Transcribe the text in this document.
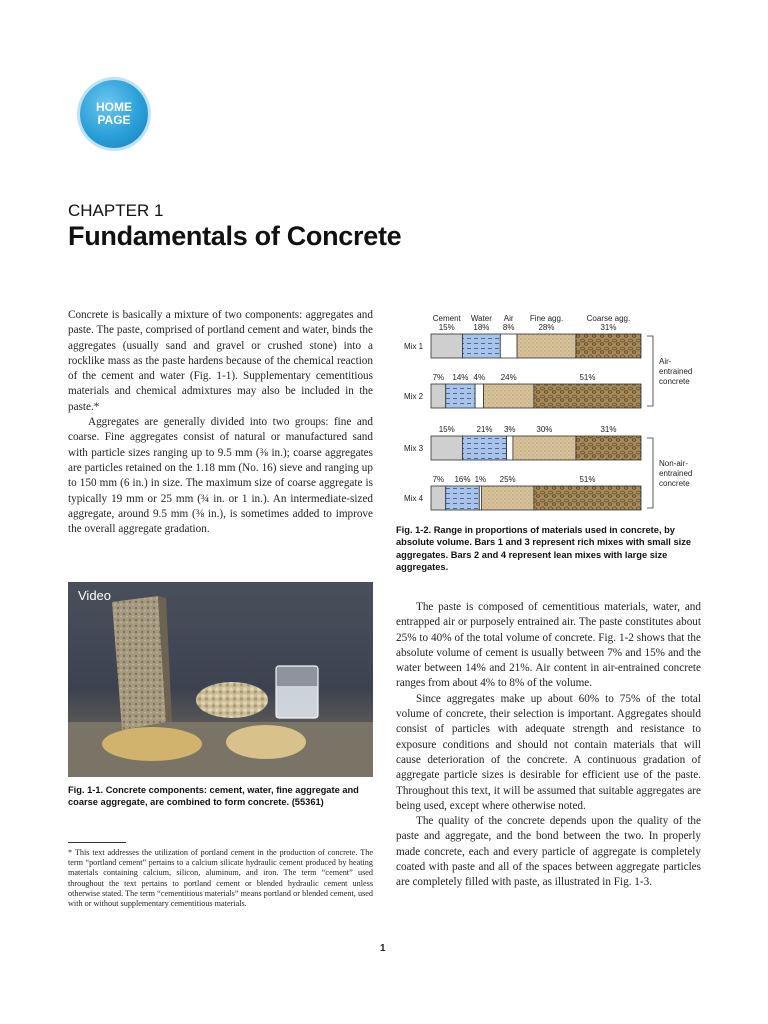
HOME
PAGE
CHAPTER 1
Fundamentals of Concrete

Concrete is basically a mixture of two components: aggregates and paste. The paste, comprised of portland cement and water, binds the aggregates (usually sand and gravel or crushed stone) into a rocklike mass as the paste hardens because of the chemical reaction of the cement and water (Fig. 1-1). Supplementary cementitious materials and chemical admixtures may also be included in the paste.*

Aggregates are generally divided into two groups: fine and coarse. Fine aggregates consist of natural or manufactured sand with particle sizes ranging up to 9.5 mm (⅜ in.); coarse aggregates are particles retained on the 1.18 mm (No. 16) sieve and ranging up to 150 mm (6 in.) in size. The maximum size of coarse aggregate is typically 19 mm or 25 mm (¾ in. or 1 in.). An intermediate-sized aggregate, around 9.5 mm (⅜ in.), is sometimes added to improve the overall aggregate gradation.

Video

Fig. 1-1. Concrete components: cement, water, fine aggregate and coarse aggregate, are combined to form concrete. (55361)

* This text addresses the utilization of portland cement in the production of concrete. The term “portland cement” pertains to a calcium silicate hydraulic cement produced by heating materials containing calcium, silicon, aluminum, and iron. The term “cement” used throughout the text pertains to portland cement or blended hydraulic cement unless otherwise stated. The term “cementitious materials” means portland or blended cement, used with or without supplementary cementitious materials.

Cement Water Air Fine agg.	Coarse agg.
Mix 1
15% 18% 8%	28%	31%
Mix 2
7% 14% 4% 24%	51%
Mix 3
15%	21% 3%	30%	31%
Mix 4
7% 16% 1% 25%	51%
Air-entrained concrete
Non-air-entrained concrete

Fig. 1-2. Range in proportions of materials used in concrete, by absolute volume. Bars 1 and 3 represent rich mixes with small size aggregates. Bars 2 and 4 represent lean mixes with large size aggregates.

The paste is composed of cementitious materials, water, and entrapped air or purposely entrained air. The paste constitutes about 25% to 40% of the total volume of concrete. Fig. 1-2 shows that the absolute volume of cement is usually between 7% and 15% and the water between 14% and 21%. Air content in air-entrained concrete ranges from about 4% to 8% of the volume.

Since aggregates make up about 60% to 75% of the total volume of concrete, their selection is important. Aggregates should consist of particles with adequate strength and resistance to exposure conditions and should not contain materials that will cause deterioration of the concrete. A continuous gradation of aggregate particle sizes is desirable for efficient use of the paste. Throughout this text, it will be assumed that suitable aggregates are being used, except where otherwise noted.

The quality of the concrete depends upon the quality of the paste and aggregate, and the bond between the two. In properly made concrete, each and every particle of aggregate is completely coated with paste and all of the spaces between aggregate particles are completely filled with paste, as illustrated in Fig. 1-3.

1
